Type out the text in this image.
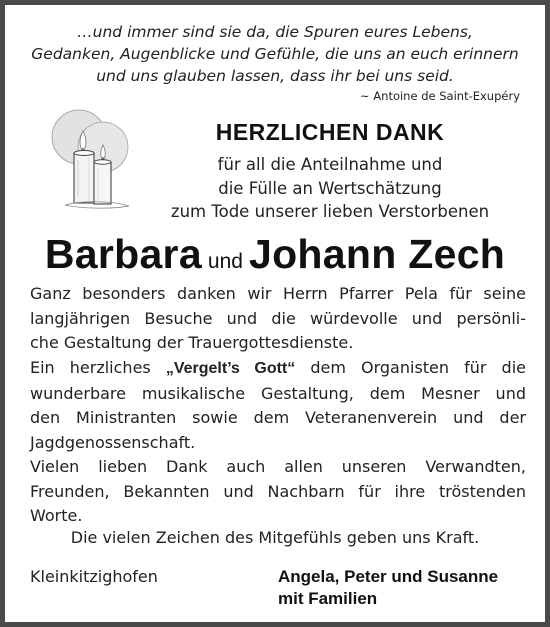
…und immer sind sie da, die Spuren eures Lebens,
Gedanken, Augenblicke und Gefühle, die uns an euch erinnern
und uns glauben lassen, dass ihr bei uns seid.
~ Antoine de Saint-Exupéry
HERZLICHEN DANK
für all die Anteilnahme und
die Fülle an Wertschätzung
zum Tode unserer lieben Verstorbenen
Barbara und Johann Zech
Ganz besonders danken wir Herrn Pfarrer Pela für seine
langjährigen Besuche und die würdevolle und persönli-
che Gestaltung der Trauergottesdienste.
Ein herzliches „Vergelt’s Gott“ dem Organisten für die
wunderbare musikalische Gestaltung, dem Mesner und
den Ministranten sowie dem Veteranenverein und der
Jagdgenossenschaft.
Vielen lieben Dank auch allen unseren Verwandten,
Freunden, Bekannten und Nachbarn für ihre tröstenden
Worte.
Die vielen Zeichen des Mitgefühls geben uns Kraft.
Kleinkitzighofen	Angela, Peter und Susanne
mit Familien
